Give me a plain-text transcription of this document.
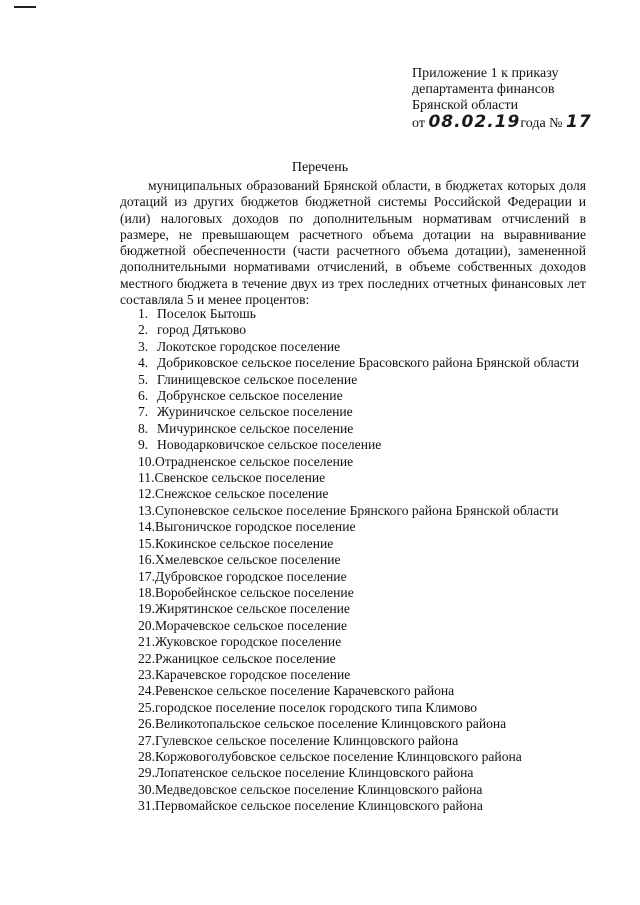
Приложение 1 к приказу
департамента финансов
Брянской области
от 08.02.19года № 17
Перечень
муниципальных образований Брянской области, в бюджетах которых доля дотаций из других бюджетов бюджетной системы Российской Федерации и (или) налоговых доходов по дополнительным нормативам отчислений в размере, не превышающем расчетного объема дотации на выравнивание бюджетной обеспеченности (части расчетного объема дотации), замененной дополнительными нормативами отчислений, в объеме собственных доходов местного бюджета в течение двух из трех последних отчетных финансовых лет составляла 5 и менее процентов:
1. Поселок Бытошь
2. город Дятьково
3. Локотское городское поселение
4. Добриковское сельское поселение Брасовского района Брянской области
5. Глинищевское сельское поселение
6. Добрунское сельское поселение
7. Журиничское сельское поселение
8. Мичуринское сельское поселение
9. Новодарковичское сельское поселение
10. Отрадненское сельское поселение
11. Свенское сельское поселение
12. Снежское сельское поселение
13. Супоневское сельское поселение Брянского района Брянской области
14. Выгоничское городское поселение
15. Кокинское сельское поселение
16. Хмелевское сельское поселение
17. Дубровское городское поселение
18. Воробейнское сельское поселение
19. Жирятинское сельское поселение
20. Морачевское сельское поселение
21. Жуковское городское поселение
22. Ржаницкое сельское поселение
23. Карачевское городское поселение
24. Ревенское сельское поселение Карачевского района
25. городское поселение поселок городского типа Климово
26. Великотопальское сельское поселение Клинцовского района
27. Гулевское сельское поселение Клинцовского района
28. Коржовоголубовское сельское поселение Клинцовского района
29. Лопатенское сельское поселение Клинцовского района
30. Медведовское сельское поселение Клинцовского района
31. Первомайское сельское поселение Клинцовского района
